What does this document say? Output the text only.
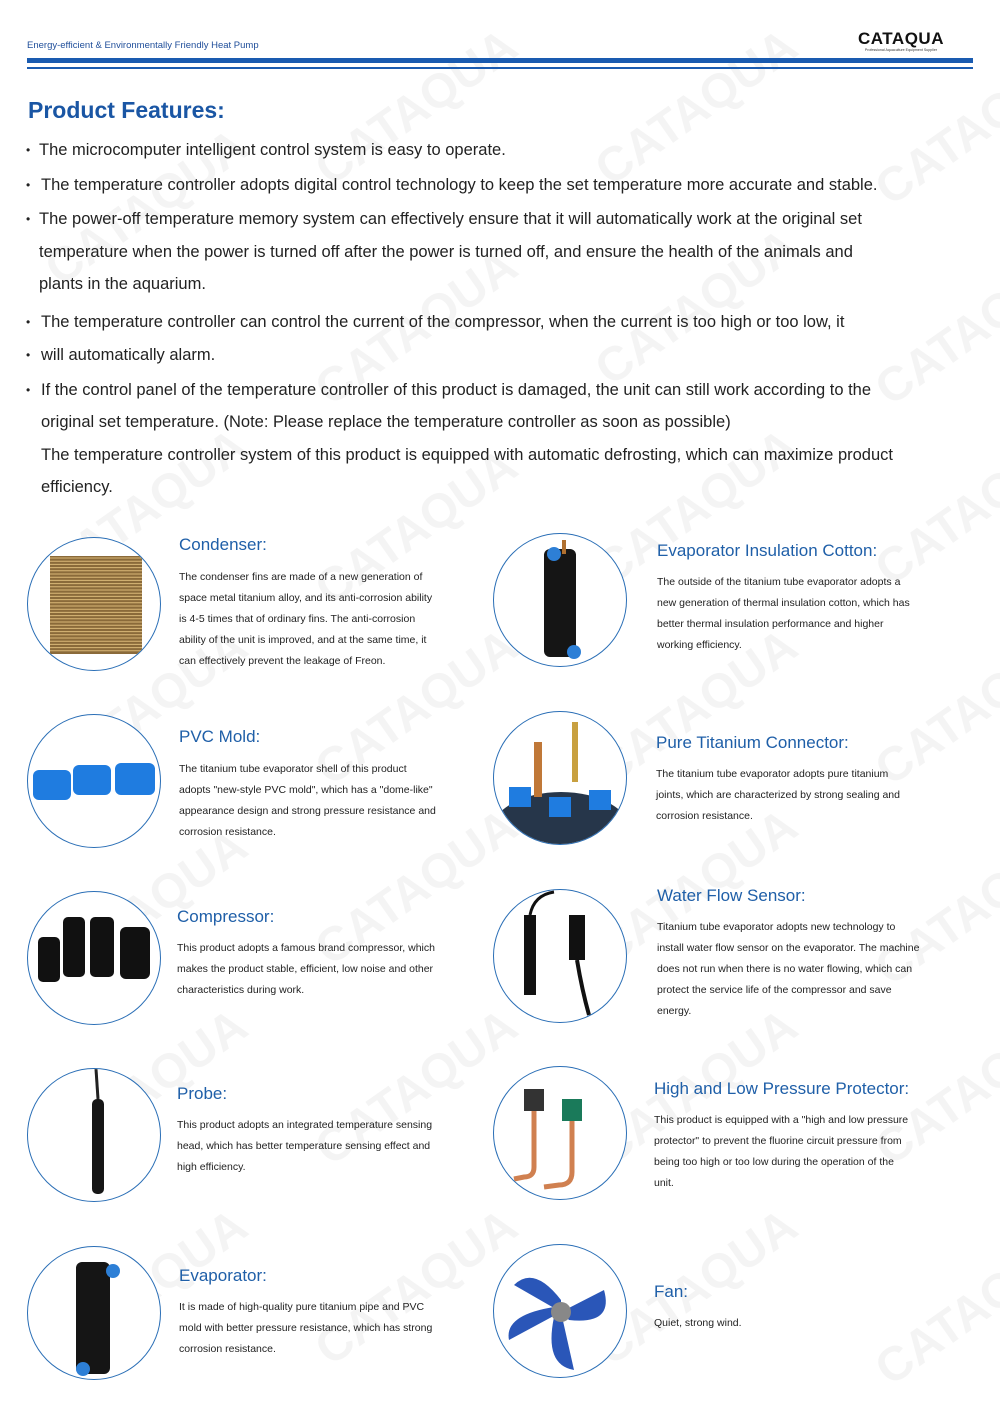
Energy-efficient & Environmentally Friendly Heat Pump	CATAQUA
Professional Aquaculture Equipment Supplier
Product Features:
• The microcomputer intelligent control system is easy to operate.
• The temperature controller adopts digital control technology to keep the set temperature more accurate and stable.
• The power-off temperature memory system can effectively ensure that it will automatically work at the original set
temperature when the power is turned off after the power is turned off, and ensure the health of the animals and
plants in the aquarium.
• The temperature controller can control the current of the compressor, when the current is too high or too low, it
• will automatically alarm.
• If the control panel of the temperature controller of this product is damaged, the unit can still work according to the
original set temperature. (Note: Please replace the temperature controller as soon as possible)
The temperature controller system of this product is equipped with automatic defrosting, which can maximize product
efficiency.
Condenser:
The condenser fins are made of a new generation of
space metal titanium alloy, and its anti-corrosion ability
is 4-5 times that of ordinary fins. The anti-corrosion
ability of the unit is improved, and at the same time, it
can effectively prevent the leakage of Freon.
Evaporator Insulation Cotton:
The outside of the titanium tube evaporator adopts a
new generation of thermal insulation cotton, which has
better thermal insulation performance and higher
working efficiency.
PVC Mold:
The titanium tube evaporator shell of this product
adopts "new-style PVC mold", which has a "dome-like"
appearance design and strong pressure resistance and
corrosion resistance.
Pure Titanium Connector:
The titanium tube evaporator adopts pure titanium
joints, which are characterized by strong sealing and
corrosion resistance.
Compressor:
This product adopts a famous brand compressor, which
makes the product stable, efficient, low noise and other
characteristics during work.
Water Flow Sensor:
Titanium tube evaporator adopts new technology to
install water flow sensor on the evaporator. The machine
does not run when there is no water flowing, which can
protect the service life of the compressor and save
energy.
Probe:
This product adopts an integrated temperature sensing
head, which has better temperature sensing effect and
high efficiency.
High and Low Pressure Protector:
This product is equipped with a "high and low pressure
protector" to prevent the fluorine circuit pressure from
being too high or too low during the operation of the
unit.
Evaporator:
It is made of high-quality pure titanium pipe and PVC
mold with better pressure resistance, which has strong
corrosion resistance.
Fan:
Quiet, strong wind.
